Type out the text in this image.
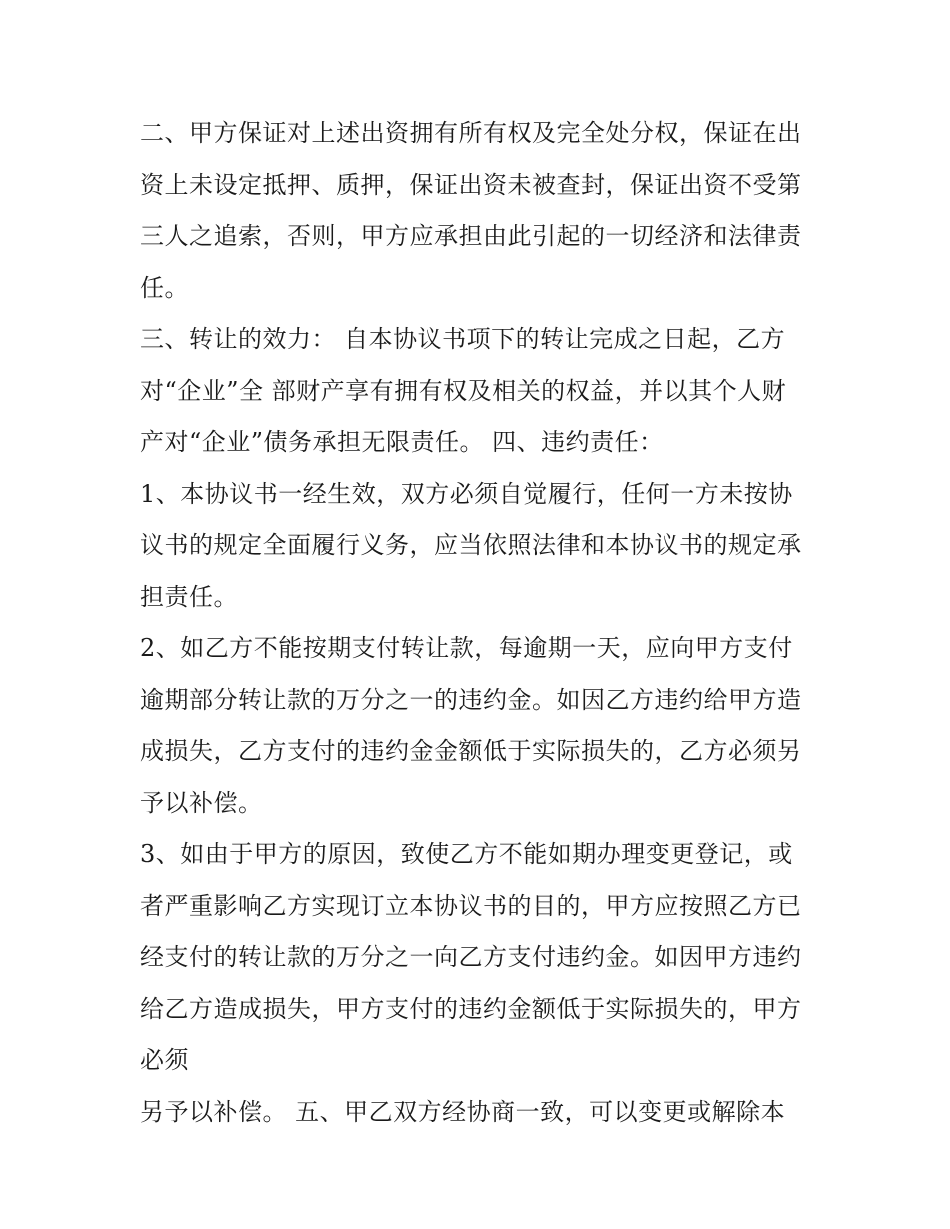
二、甲方保证对上述出资拥有所有权及完全处分权，保证在出
资上未设定抵押、质押，保证出资未被查封，保证出资不受第
三人之追索，否则，甲方应承担由此引起的一切经济和法律责
任。
三、转让的效力： 自本协议书项下的转让完成之日起，乙方
对“企业”全 部财产享有拥有权及相关的权益，并以其个人财
产对“企业”债务承担无限责任。 四、违约责任：
1、本协议书一经生效，双方必须自觉履行，任何一方未按协
议书的规定全面履行义务，应当依照法律和本协议书的规定承
担责任。
2、如乙方不能按期支付转让款，每逾期一天，应向甲方支付
逾期部分转让款的万分之一的违约金。如因乙方违约给甲方造
成损失，乙方支付的违约金金额低于实际损失的，乙方必须另
予以补偿。
3、如由于甲方的原因，致使乙方不能如期办理变更登记，或
者严重影响乙方实现订立本协议书的目的，甲方应按照乙方已
经支付的转让款的万分之一向乙方支付违约金。如因甲方违约
给乙方造成损失，甲方支付的违约金额低于实际损失的，甲方
必须
另予以补偿。 五、甲乙双方经协商一致，可以变更或解除本
